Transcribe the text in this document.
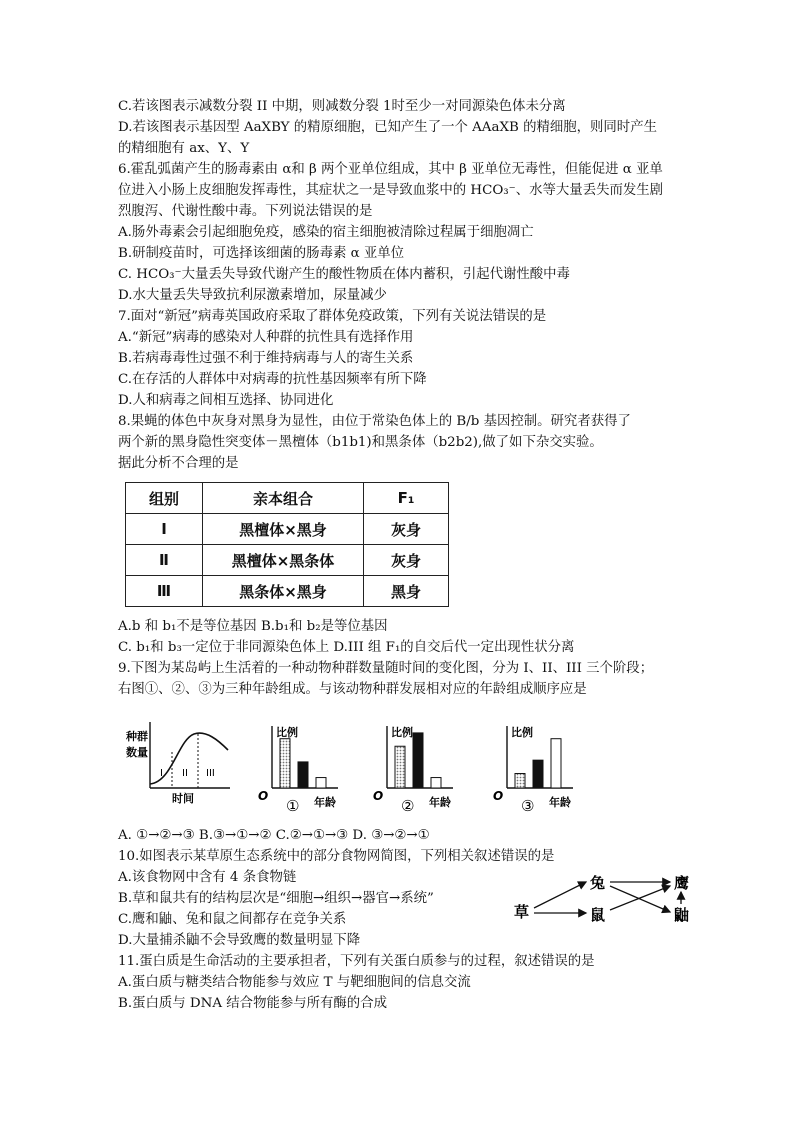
C.若该图表示减数分裂 II 中期，则减数分裂 1时至少一对同源染色体未分离
D.若该图表示基因型 AaXBY 的精原细胞，已知产生了一个 AAaXB 的精细胞，则同时产生
的精细胞有 ax、Y、Y
6.霍乱弧菌产生的肠毒素由 α和 β 两个亚单位组成，其中 β 亚单位无毒性，但能促进 α 亚单
位进入小肠上皮细胞发挥毒性，其症状之一是导致血浆中的 HCO₃⁻、水等大量丢失而发生剧
烈腹泻、代谢性酸中毒。下列说法错误的是
A.肠外毒素会引起细胞免疫，感染的宿主细胞被清除过程属于细胞凋亡
B.研制疫苗时，可选择该细菌的肠毒素 α 亚单位
C. HCO₃⁻大量丢失导致代谢产生的酸性物质在体内蓄积，引起代谢性酸中毒
D.水大量丢失导致抗利尿激素增加，尿量减少
7.面对“新冠”病毒英国政府采取了群体免疫政策，下列有关说法错误的是
A.“新冠”病毒的感染对人种群的抗性具有选择作用
B.若病毒毒性过强不利于维持病毒与人的寄生关系
C.在存活的人群体中对病毒的抗性基因频率有所下降
D.人和病毒之间相互选择、协同进化
8.果蝇的体色中灰身对黑身为显性，由位于常染色体上的 B/b 基因控制。研究者获得了
两个新的黑身隐性突变体－黑檀体（b1b1)和黑条体（b2b2),做了如下杂交实验。
据此分析不合理的是
组别	亲本组合	F₁
Ⅰ	黑檀体×黑身	灰身
Ⅱ	黑檀体×黑条体	灰身
Ⅲ	黑条体×黑身	黑身
A.b 和 b₁不是等位基因 B.b₁和 b₂是等位基因
C. b₁和 b₃一定位于非同源染色体上 D.III 组 F₁的自交后代一定出现性状分离
9.下图为某岛屿上生活着的一种动物种群数量随时间的变化图，分为 I、II、III 三个阶段；
右图①、②、③为三种年龄组成。与该动物种群发展相对应的年龄组成顺序应是
种群
数量
I II III
时间
比例
O
① 年龄
比例
O
② 年龄
比例
O
③ 年龄
A. ①→②→③ B.③→①→② C.②→①→③ D. ③→②→①
10.如图表示某草原生态系统中的部分食物网简图，下列相关叙述错误的是
A.该食物网中含有 4 条食物链
B.草和鼠共有的结构层次是“细胞→组织→器官→系统”
C.鹰和鼬、兔和鼠之间都存在竞争关系
D.大量捕杀鼬不会导致鹰的数量明显下降
11.蛋白质是生命活动的主要承担者，下列有关蛋白质参与的过程，叙述错误的是
A.蛋白质与糖类结合物能参与效应 T 与靶细胞间的信息交流
B.蛋白质与 DNA 结合物能参与所有酶的合成
草
兔
鼠
鹰
鼬
